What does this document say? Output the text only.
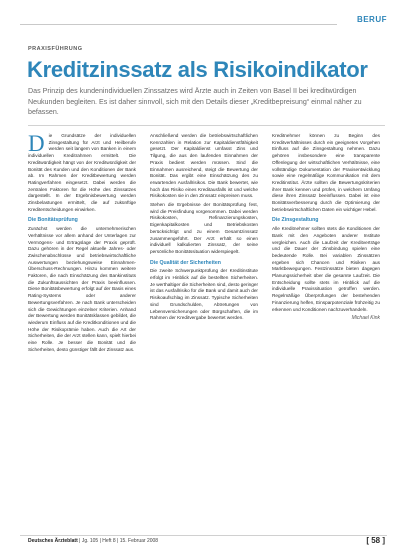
BERUF
PRAXISFÜHRUNG
Kreditzinssatz als Risikoindikator

Das Prinzip des kundenindividuellen Zinssatzes wird Ärzte auch in Zeiten von Basel II bei kreditwürdigen Neukunden begleiten. Es ist daher sinnvoll, sich mit den Details dieser „Kreditbepreisung“ einmal näher zu befassen.

Die Grundsätze der individuellen Zinsgestaltung für Arzt und Heilberufe werden seit langem von Banken in einem individuellen Kreditrahmen ermittelt. Die Kreditwürdigkeit hängt von der Kreditwürdigkeit der Bonität des Kunden und den Konditionen der Bank ab. Im Rahmen der Kreditbewertung werden Ratingverfahren eingesetzt. Dabei werden die zentralen Faktoren für die Höhe des Zinssatzes dargestellt. In der Ergebnisbewertung werden Zinsbelastungen ermittelt, die auf zukünftige Kreditentscheidungen einwirken.

Die Bonitätsprüfung

Zunächst werden die unternehmerischen Verhältnisse vor allem anhand der Unterlagen zur Vermögens- und Ertragslage der Praxis geprüft. Dazu gehören in der Regel aktuelle Jahres- oder Zwischenabschlüsse und betriebswirtschaftliche Auswertungen beziehungsweise Einnahmen-Überschuss-Rechnungen. Hinzu kommen weitere Faktoren, die nach Einschätzung des Bankinstituts die Zukunftsaussichten der Praxis beeinflussen. Diese Bonitätsbewertung erfolgt auf der Basis eines Rating-Systems oder anderer Bewertungsverfahren. Je nach Bank unterscheiden sich die Gewichtungen einzelner Kriterien. Anhand der Bewertung werden Bonitätsklassen gebildet, die wiederum Einfluss auf die Kreditkonditionen und die Höhe der Risikoprämie haben. Auch die Art der Sicherheiten, die der Arzt stellen kann, spielt hierbei eine Rolle. Je besser die Bonität und die Sicherheiten, desto günstiger fällt der Zinssatz aus.

Anschließend werden die betriebswirtschaftlichen Kennzahlen in Relation zur Kapitaldienstfähigkeit gesetzt. Der Kapitaldienst umfasst Zins und Tilgung, die aus den laufenden Einnahmen der Praxis bedient werden müssen. Sind die Einnahmen ausreichend, steigt die Bewertung der Bonität. Das ergibt eine Einschätzung des zu erwartenden Ausfallrisikos. Die Bank bewertet, wie hoch das Risiko eines Kreditausfalls ist und welche Risikokosten sie in den Zinssatz einpreisen muss.

Stehen die Ergebnisse der Bonitätsprüfung fest, wird die Preisfindung vorgenommen. Dabei werden Risikokosten, Refinanzierungskosten, Eigenkapitalkosten und Betriebskosten berücksichtigt und zu einem Gesamtzinssatz zusammengeführt. Der Arzt erhält so einen individuell kalkulierten Zinssatz, der seine persönliche Bonitätssituation widerspiegelt.

Die Qualität der Sicherheiten

Die zweite Schwerpunktprüfung der Kreditinstitute erfolgt im Hinblick auf die bestellten Sicherheiten. Je werthaltiger die Sicherheiten sind, desto geringer ist das Ausfallrisiko für die Bank und damit auch der Risikoaufschlag im Zinssatz. Typische Sicherheiten sind Grundschulden, Abtretungen von Lebensversicherungen oder Bürgschaften, die im Rahmen der Kreditvergabe bewertet werden.

Kreditnehmer können zu Beginn des Kreditverhältnisses durch ein geeignetes Vorgehen Einfluss auf die Zinsgestaltung nehmen. Dazu gehören insbesondere eine transparente Offenlegung der wirtschaftlichen Verhältnisse, eine vollständige Dokumentation der Praxisentwicklung sowie eine regelmäßige Kommunikation mit dem Kreditinstitut. Ärzte sollten die Bewertungskriterien ihrer Bank kennen und prüfen, in welchem Umfang diese ihren Zinssatz beeinflussen. Dabei ist eine Bonitätsverbesserung durch die Optimierung der betriebswirtschaftlichen Daten ein wichtiger Hebel.

Die Zinsgestaltung

Alle Kreditnehmer sollten stets die Konditionen der Bank mit den Angeboten anderer Institute vergleichen. Auch die Laufzeit der Kreditverträge und die Dauer der Zinsbindung spielen eine bedeutende Rolle. Bei variablen Zinssätzen ergeben sich Chancen und Risiken aus Marktbewegungen. Festzinssätze bieten dagegen Planungssicherheit über die gesamte Laufzeit. Die Entscheidung sollte stets im Hinblick auf die individuelle Praxissituation getroffen werden. Regelmäßige Überprüfungen der bestehenden Finanzierung helfen, Einsparpotenziale frühzeitig zu erkennen und Konditionen nachzuverhandeln.

Michael Kink

Deutsches Ärzteblatt | Jg. 105 | Heft 8 | 15. Februar 2008	[ 58 ]
